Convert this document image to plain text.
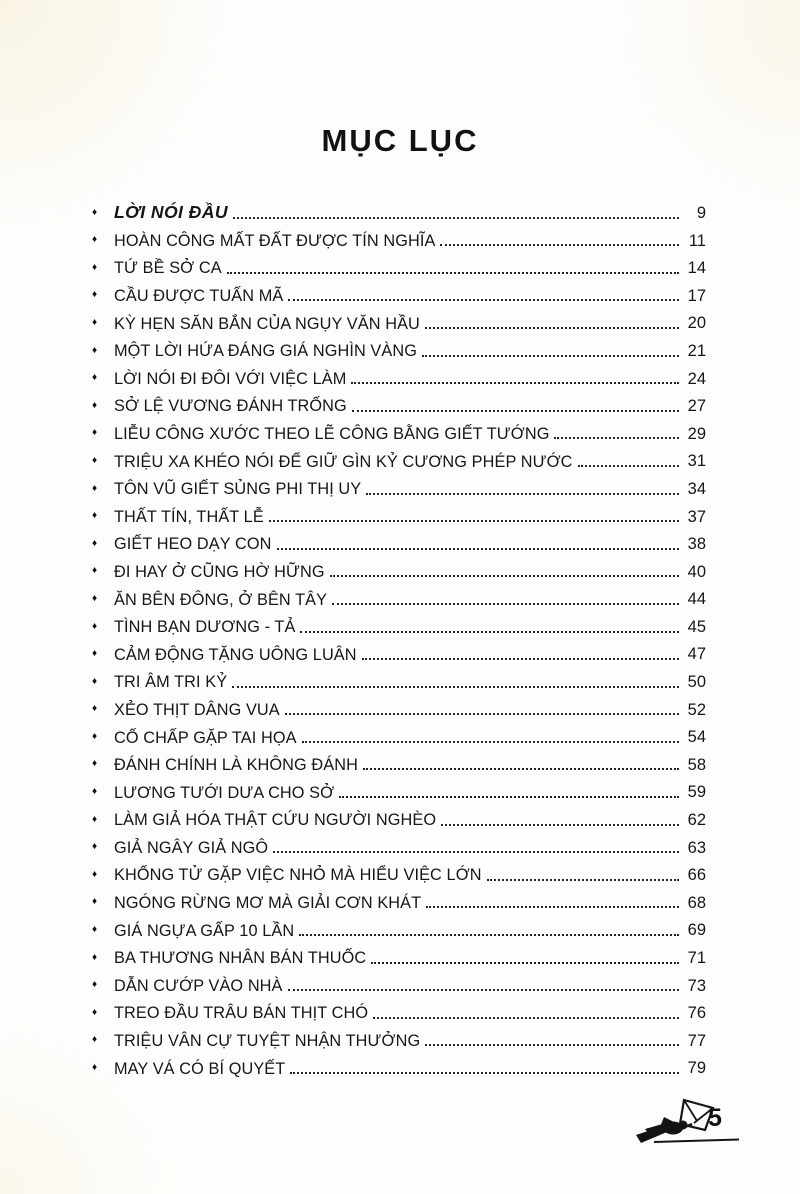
MỤC LỤC
♦ LỜI NÓI ĐẦU	9
♦	HOÀN CÔNG MẤT ĐẤT ĐƯỢC TÍN NGHĨA	11
♦	TỨ BỀ SỞ CA	14
♦	CẦU ĐƯỢC TUẤN MÃ	17
♦	KỲ HẸN SĂN BẮN CỦA NGỤY VĂN HẦU	20
♦	MỘT LỜI HỨA ĐÁNG GIÁ NGHÌN VÀNG	21
♦	LỜI NÓI ĐI ĐÔI VỚI VIỆC LÀM	24
♦	SỞ LỆ VƯƠNG ĐÁNH TRỐNG	27
♦	LIỄU CÔNG XƯỚC THEO LẼ CÔNG BẰNG GIẾT TƯỚNG	29
♦	TRIỆU XA KHÉO NÓI ĐỂ GIỮ GÌN KỶ CƯƠNG PHÉP NƯỚC	31
♦	TÔN VŨ GIẾT SỦNG PHI THỊ UY	34
♦	THẤT TÍN, THẤT LỄ	37
♦	GIẾT HEO DẠY CON	38
♦	ĐI HAY Ở CŨNG HỜ HỮNG	40
♦	ĂN BÊN ĐÔNG, Ở BÊN TÂY	44
♦	TÌNH BẠN DƯƠNG - TẢ	45
♦	CẢM ĐỘNG TẶNG UÔNG LUÂN	47
♦	TRI ÂM TRI KỶ	50
♦	XẺO THỊT DÂNG VUA	52
♦	CỐ CHẤP GẶP TAI HỌA	54
♦	ĐÁNH CHÍNH LÀ KHÔNG ĐÁNH	58
♦	LƯƠNG TƯỚI DƯA CHO SỞ	59
♦	LÀM GIẢ HÓA THẬT CỨU NGƯỜI NGHÈO	62
♦	GIẢ NGÂY GIẢ NGÔ	63
♦	KHỔNG TỬ GẶP VIỆC NHỎ MÀ HIỂU VIỆC LỚN	66
♦	NGÓNG RỪNG MƠ MÀ GIẢI CƠN KHÁT	68
♦	GIÁ NGỰA GẤP 10 LẦN	69
♦	BA THƯƠNG NHÂN BÁN THUỐC	71
♦	DẪN CƯỚP VÀO NHÀ	73
♦	TREO ĐẦU TRÂU BÁN THỊT CHÓ	76
♦	TRIỆU VÂN CỰ TUYỆT NHẬN THƯỞNG	77
♦	MAY VÁ CÓ BÍ QUYẾT	79
5
